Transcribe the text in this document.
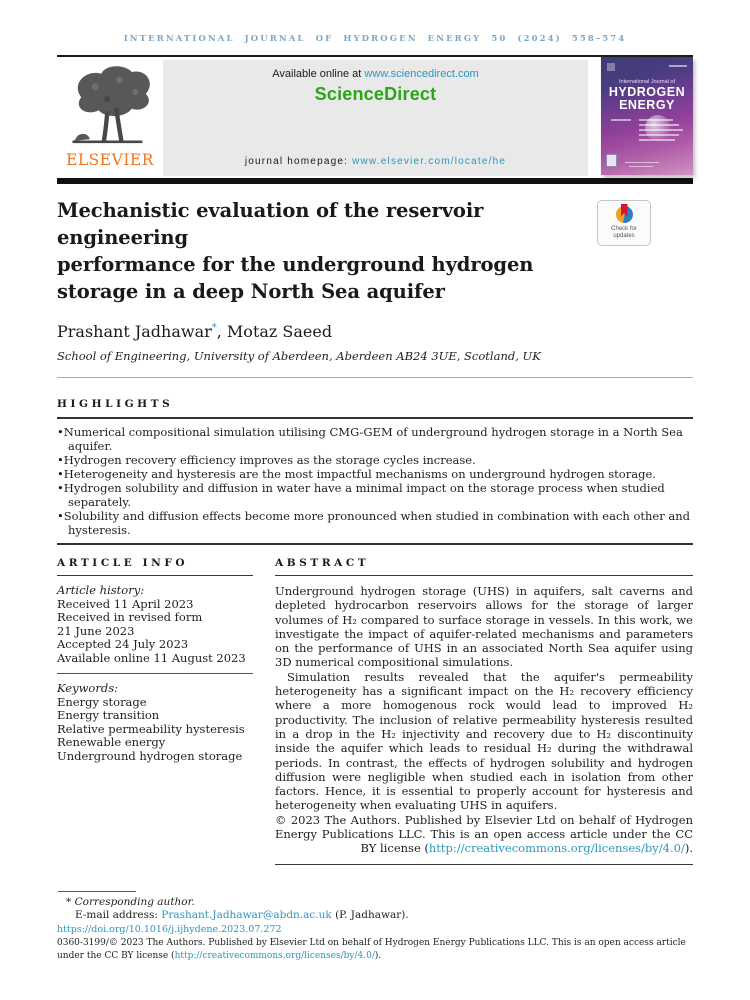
INTERNATIONAL JOURNAL OF HYDROGEN ENERGY 50 (2024) 558–574
ELSEVIER
Available online at www.sciencedirect.com
ScienceDirect
journal homepage: www.elsevier.com/locate/he
International Journal of
HYDROGEN ENERGY
Mechanistic evaluation of the reservoir engineering
performance for the underground hydrogen
storage in a deep North Sea aquifer
Check for updates
Prashant Jadhawar*, Motaz Saeed
School of Engineering, University of Aberdeen, Aberdeen AB24 3UE, Scotland, UK
HIGHLIGHTS
• Numerical compositional simulation utilising CMG-GEM of underground hydrogen storage in a North Sea aquifer.
• Hydrogen recovery efficiency improves as the storage cycles increase.
• Heterogeneity and hysteresis are the most impactful mechanisms on underground hydrogen storage.
• Hydrogen solubility and diffusion in water have a minimal impact on the storage process when studied separately.
• Solubility and diffusion effects become more pronounced when studied in combination with each other and hysteresis.
ARTICLE INFO
Article history:
Received 11 April 2023
Received in revised form
21 June 2023
Accepted 24 July 2023
Available online 11 August 2023
Keywords:
Energy storage
Energy transition
Relative permeability hysteresis
Renewable energy
Underground hydrogen storage
ABSTRACT
Underground hydrogen storage (UHS) in aquifers, salt caverns and depleted hydrocarbon reservoirs allows for the storage of larger volumes of H₂ compared to surface storage in vessels. In this work, we investigate the impact of aquifer-related mechanisms and parameters on the performance of UHS in an associated North Sea aquifer using 3D numerical compositional simulations.
Simulation results revealed that the aquifer's permeability heterogeneity has a significant impact on the H₂ recovery efficiency where a more homogenous rock would lead to improved H₂ productivity. The inclusion of relative permeability hysteresis resulted in a drop in the H₂ injectivity and recovery due to H₂ discontinuity inside the aquifer which leads to residual H₂ during the withdrawal periods. In contrast, the effects of hydrogen solubility and hydrogen diffusion were negligible when studied each in isolation from other factors. Hence, it is essential to properly account for hysteresis and heterogeneity when evaluating UHS in aquifers.
© 2023 The Authors. Published by Elsevier Ltd on behalf of Hydrogen Energy Publications LLC. This is an open access article under the CC BY license (http://creativecommons.org/licenses/by/4.0/).
* Corresponding author.
E-mail address: Prashant.Jadhawar@abdn.ac.uk (P. Jadhawar).
https://doi.org/10.1016/j.ijhydene.2023.07.272
0360-3199/© 2023 The Authors. Published by Elsevier Ltd on behalf of Hydrogen Energy Publications LLC. This is an open access article under the CC BY license (http://creativecommons.org/licenses/by/4.0/).
